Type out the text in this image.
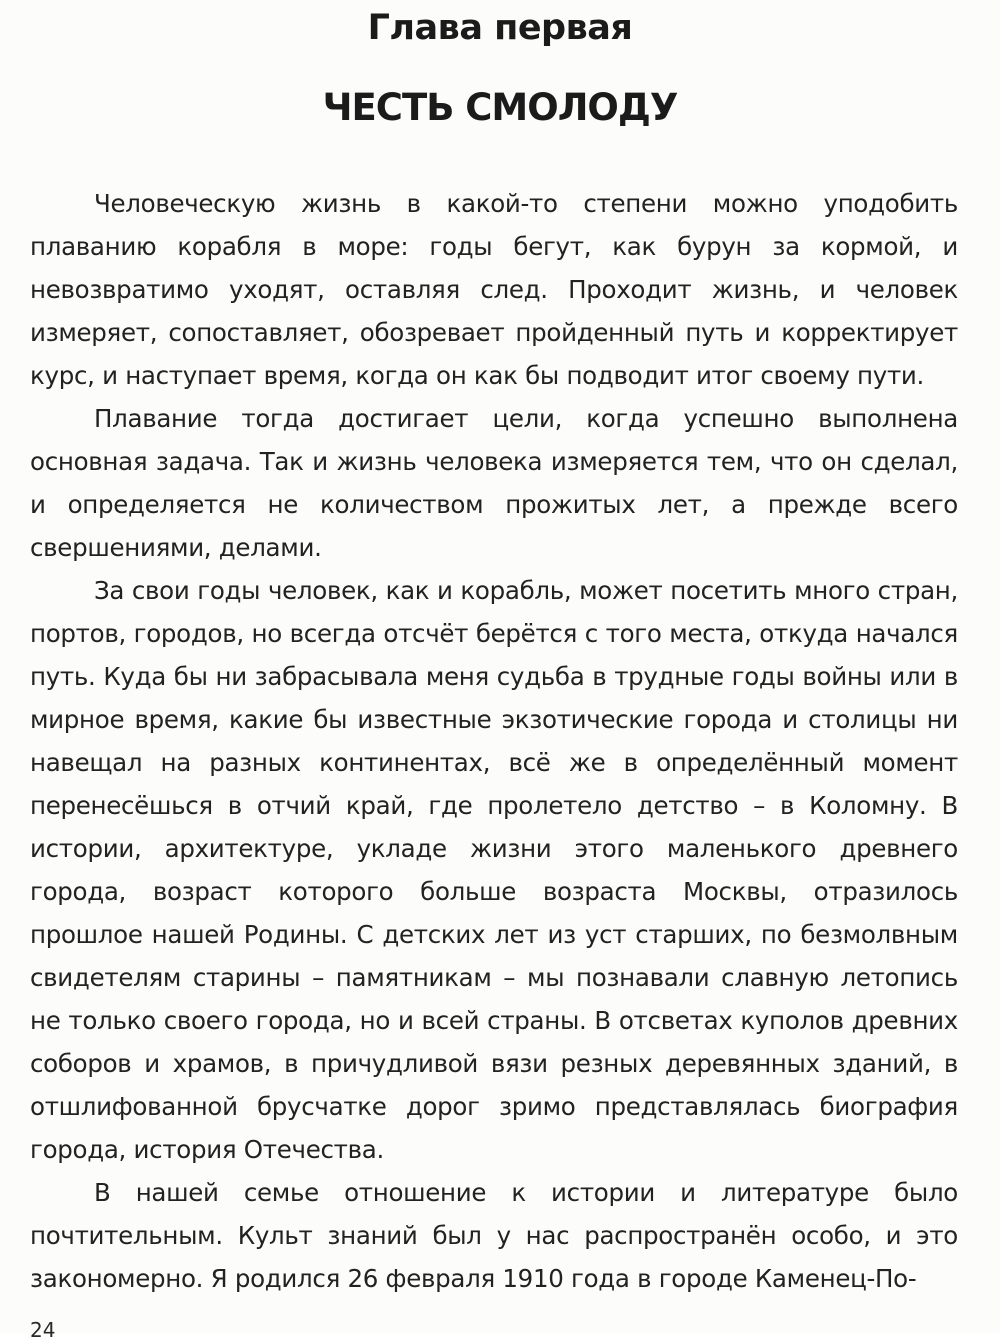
Глава первая
ЧЕСТЬ СМОЛОДУ

Человеческую жизнь в какой-то степени можно уподобить плаванию корабля в море: годы бегут, как бурун за кормой, и невозвратимо уходят, оставляя след. Проходит жизнь, и человек измеряет, сопоставляет, обозревает пройденный путь и корректирует курс, и наступает время, когда он как бы подводит итог своему пути.

Плавание тогда достигает цели, когда успешно выполнена основная задача. Так и жизнь человека измеряется тем, что он сделал, и определяется не количеством прожитых лет, а прежде всего свершениями, делами.

За свои годы человек, как и корабль, может посетить много стран, портов, городов, но всегда отсчёт берётся с того места, откуда начался путь. Куда бы ни забрасывала меня судьба в трудные годы войны или в мирное время, какие бы известные экзотические города и столицы ни навещал на разных континентах, всё же в определённый момент перенесёшься в отчий край, где пролетело детство – в Коломну. В истории, архитектуре, укладе жизни этого маленького древнего города, возраст которого больше возраста Москвы, отразилось прошлое нашей Родины. С детских лет из уст старших, по безмолвным свидетелям старины – памятникам – мы познавали славную летопись не только своего города, но и всей страны. В отсветах куполов древних соборов и храмов, в причудливой вязи резных деревянных зданий, в отшлифованной брусчатке дорог зримо представлялась биография города, история Отечества.

В нашей семье отношение к истории и литературе было почтительным. Культ знаний был у нас распространён особо, и это закономерно. Я родился 26 февраля 1910 года в городе Каменец-По-

24
